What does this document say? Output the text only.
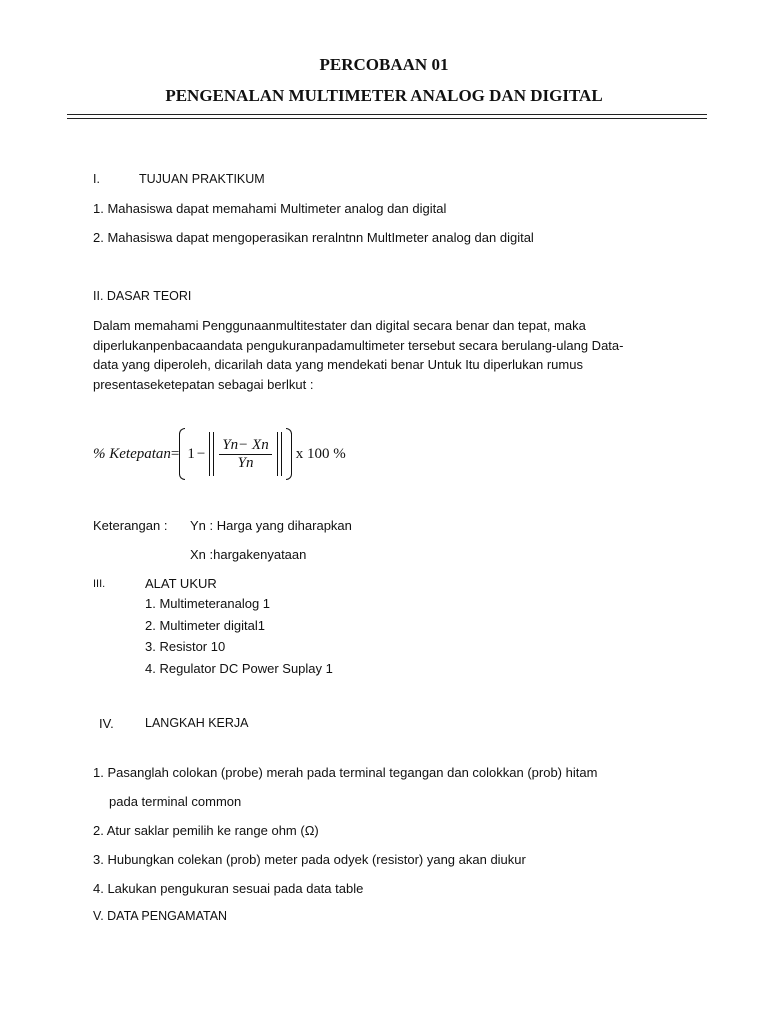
PERCOBAAN 01
PENGENALAN MULTIMETER ANALOG DAN DIGITAL
I.	TUJUAN PRAKTIKUM
1. Mahasiswa dapat memahami Multimeter analog dan digital
2. Mahasiswa dapat mengoperasikan reralntnn MultImeter analog dan digital
II. DASAR TEORI
Dalam memahami Penggunaanmultitestater dan digital secara benar dan tepat, maka
diperlukanpenbacaandata pengukuranpadamultimeter tersebut secara berulang-ulang Data-
data yang diperoleh, dicarilah data yang mendekati benar Untuk Itu diperlukan rumus
presentaseketepatan sebagai berlkut :
% Ketepatan = $1 - \frac{Yn- Xn}{Yn}$ x 100 %
Keterangan : Yn : Harga yang diharapkan
Xn :hargakenyataan
III.	ALAT UKUR
1. Multimeteranalog 1
2. Multimeter digital1
3. Resistor 10
4. Regulator DC Power Suplay 1
IV.	LANGKAH KERJA
1. Pasanglah colokan (probe) merah pada terminal tegangan dan colokkan (prob) hitam
pada terminal common
2. Atur saklar pemilih ke range ohm (Ω)
3. Hubungkan colekan (prob) meter pada odyek (resistor) yang akan diukur
4. Lakukan pengukuran sesuai pada data table
V. DATA PENGAMATAN
